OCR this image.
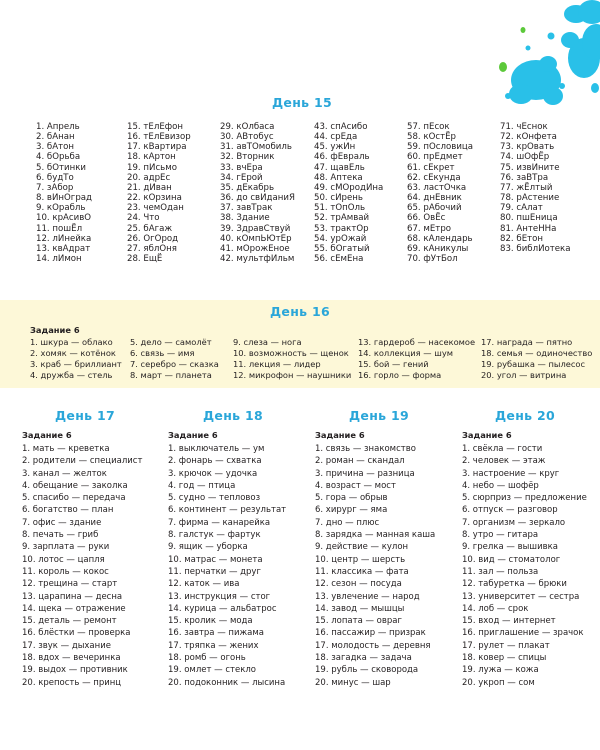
День 15
1. Апрель
2. бАнан
3. бАтон
4. бОрьба
5. бОтинки
6. будТо
7. зАбор
8. вИнОград
9. кОрабль
10. крАсивО
11. пошЁл
12. лИнейка
13. квАдрат
14. лИмон
15. тЕлЕфон
16. тЕлЕвизор
17. кВартира
18. кАртон
19. пИсьмо
20. адрЕс
21. дИван
22. кОрзина
23. чемОдан
24. Что
25. бАгаж
26. ОгОрод
27. яблОня
28. ЕщЁ
29. кОлбаса
30. АВтобус
31. авТОмобиль
32. Вторник
33. вчЕра
34. гЕрой
35. дЕкабрь
36. до свИданиЯ
37. завТрак
38. Здание
39. ЗдравСтвуй
40. кОмпЬЮтЕр
41. мОрожЕное
42. мультфИльм
43. спАсибо
44. срЕда
45. ужИн
46. фЕвраль
47. щавЕль
48. Аптека
49. сМОродИна
50. сИрень
51. тОпОль
52. трАмвай
53. трактОр
54. урОжай
55. бОгатый
56. сЕмЕна
57. пЕсок
58. кОстЁр
59. пОсловица
60. прЕдмет
61. сЕкрет
62. сЕкунда
63. ластОчка
64. днЕвник
65. рАбочий
66. ОвЁс
67. мЕтро
68. кАлендарь
69. кАникулы
70. фУтБол
71. чЕснок
72. кОнфета
73. крОвать
74. шОфЁр
75. извИните
76. заВТра
77. жЁлтый
78. рАстение
79. сАлат
80. пшЕница
81. АнтеННа
82. бЕтон
83. библИотека
День 16
Задание 6
1. шкура — облако
2. хомяк — котёнок
3. краб — бриллиант
4. дружба — стель
5. дело — самолёт
6. связь — имя
7. серебро — сказка
8. март — планета
9. слеза — нога
10. возможность — щенок
11. лекция — лидер
12. микрофон — наушники
13. гардероб — насекомое
14. коллекция — шум
15. бой — гений
16. горло — форма
17. награда — пятно
18. семья — одиночество
19. рубашка — пылесос
20. угол — витрина
День 17
Задание 6
1. мать — креветка
2. родители — специалист
3. канал — желток
4. обещание — заколка
5. спасибо — передача
6. богатство — план
7. офис — здание
8. печать — гриб
9. зарплата — руки
10. лотос — цапля
11. король — кокос
12. трещина — старт
13. царапина — десна
14. щека — отражение
15. деталь — ремонт
16. блёстки — проверка
17. звук — дыхание
18. вдох — вечеринка
19. выдох — противник
20. крепость — принц
День 18
Задание 6
1. выключатель — ум
2. фонарь — схватка
3. крючок — удочка
4. год — птица
5. судно — тепловоз
6. континент — результат
7. фирма — канарейка
8. галстук — фартук
9. ящик — уборка
10. матрас — монета
11. перчатки — друг
12. каток — ива
13. инструкция — стог
14. курица — альбатрос
15. кролик — мода
16. завтра — пижама
17. тряпка — жених
18. ромб — огонь
19. омлет — стекло
20. подоконник — лысина
День 19
Задание 6
1. связь — знакомство
2. роман — скандал
3. причина — разница
4. возраст — мост
5. гора — обрыв
6. хирург — яма
7. дно — плюс
8. зарядка — манная каша
9. действие — кулон
10. центр — шерсть
11. классика — фата
12. сезон — посуда
13. увлечение — народ
14. завод — мышцы
15. лопата — овраг
16. пассажир — призрак
17. молодость — деревня
18. загадка — задача
19. рубль — сковорода
20. минус — шар
День 20
Задание 6
1. свёкла — гости
2. человек — этаж
3. настроение — круг
4. небо — шофёр
5. сюрприз — предложение
6. отпуск — разговор
7. организм — зеркало
8. утро — гитара
9. грелка — вышивка
10. вид — стоматолог
11. зал — польза
12. табуретка — брюки
13. университет — сестра
14. лоб — срок
15. вход — интернет
16. приглашение — зрачок
17. рулет — плакат
18. ковер — спицы
19. лужа — кожа
20. укроп — сом
